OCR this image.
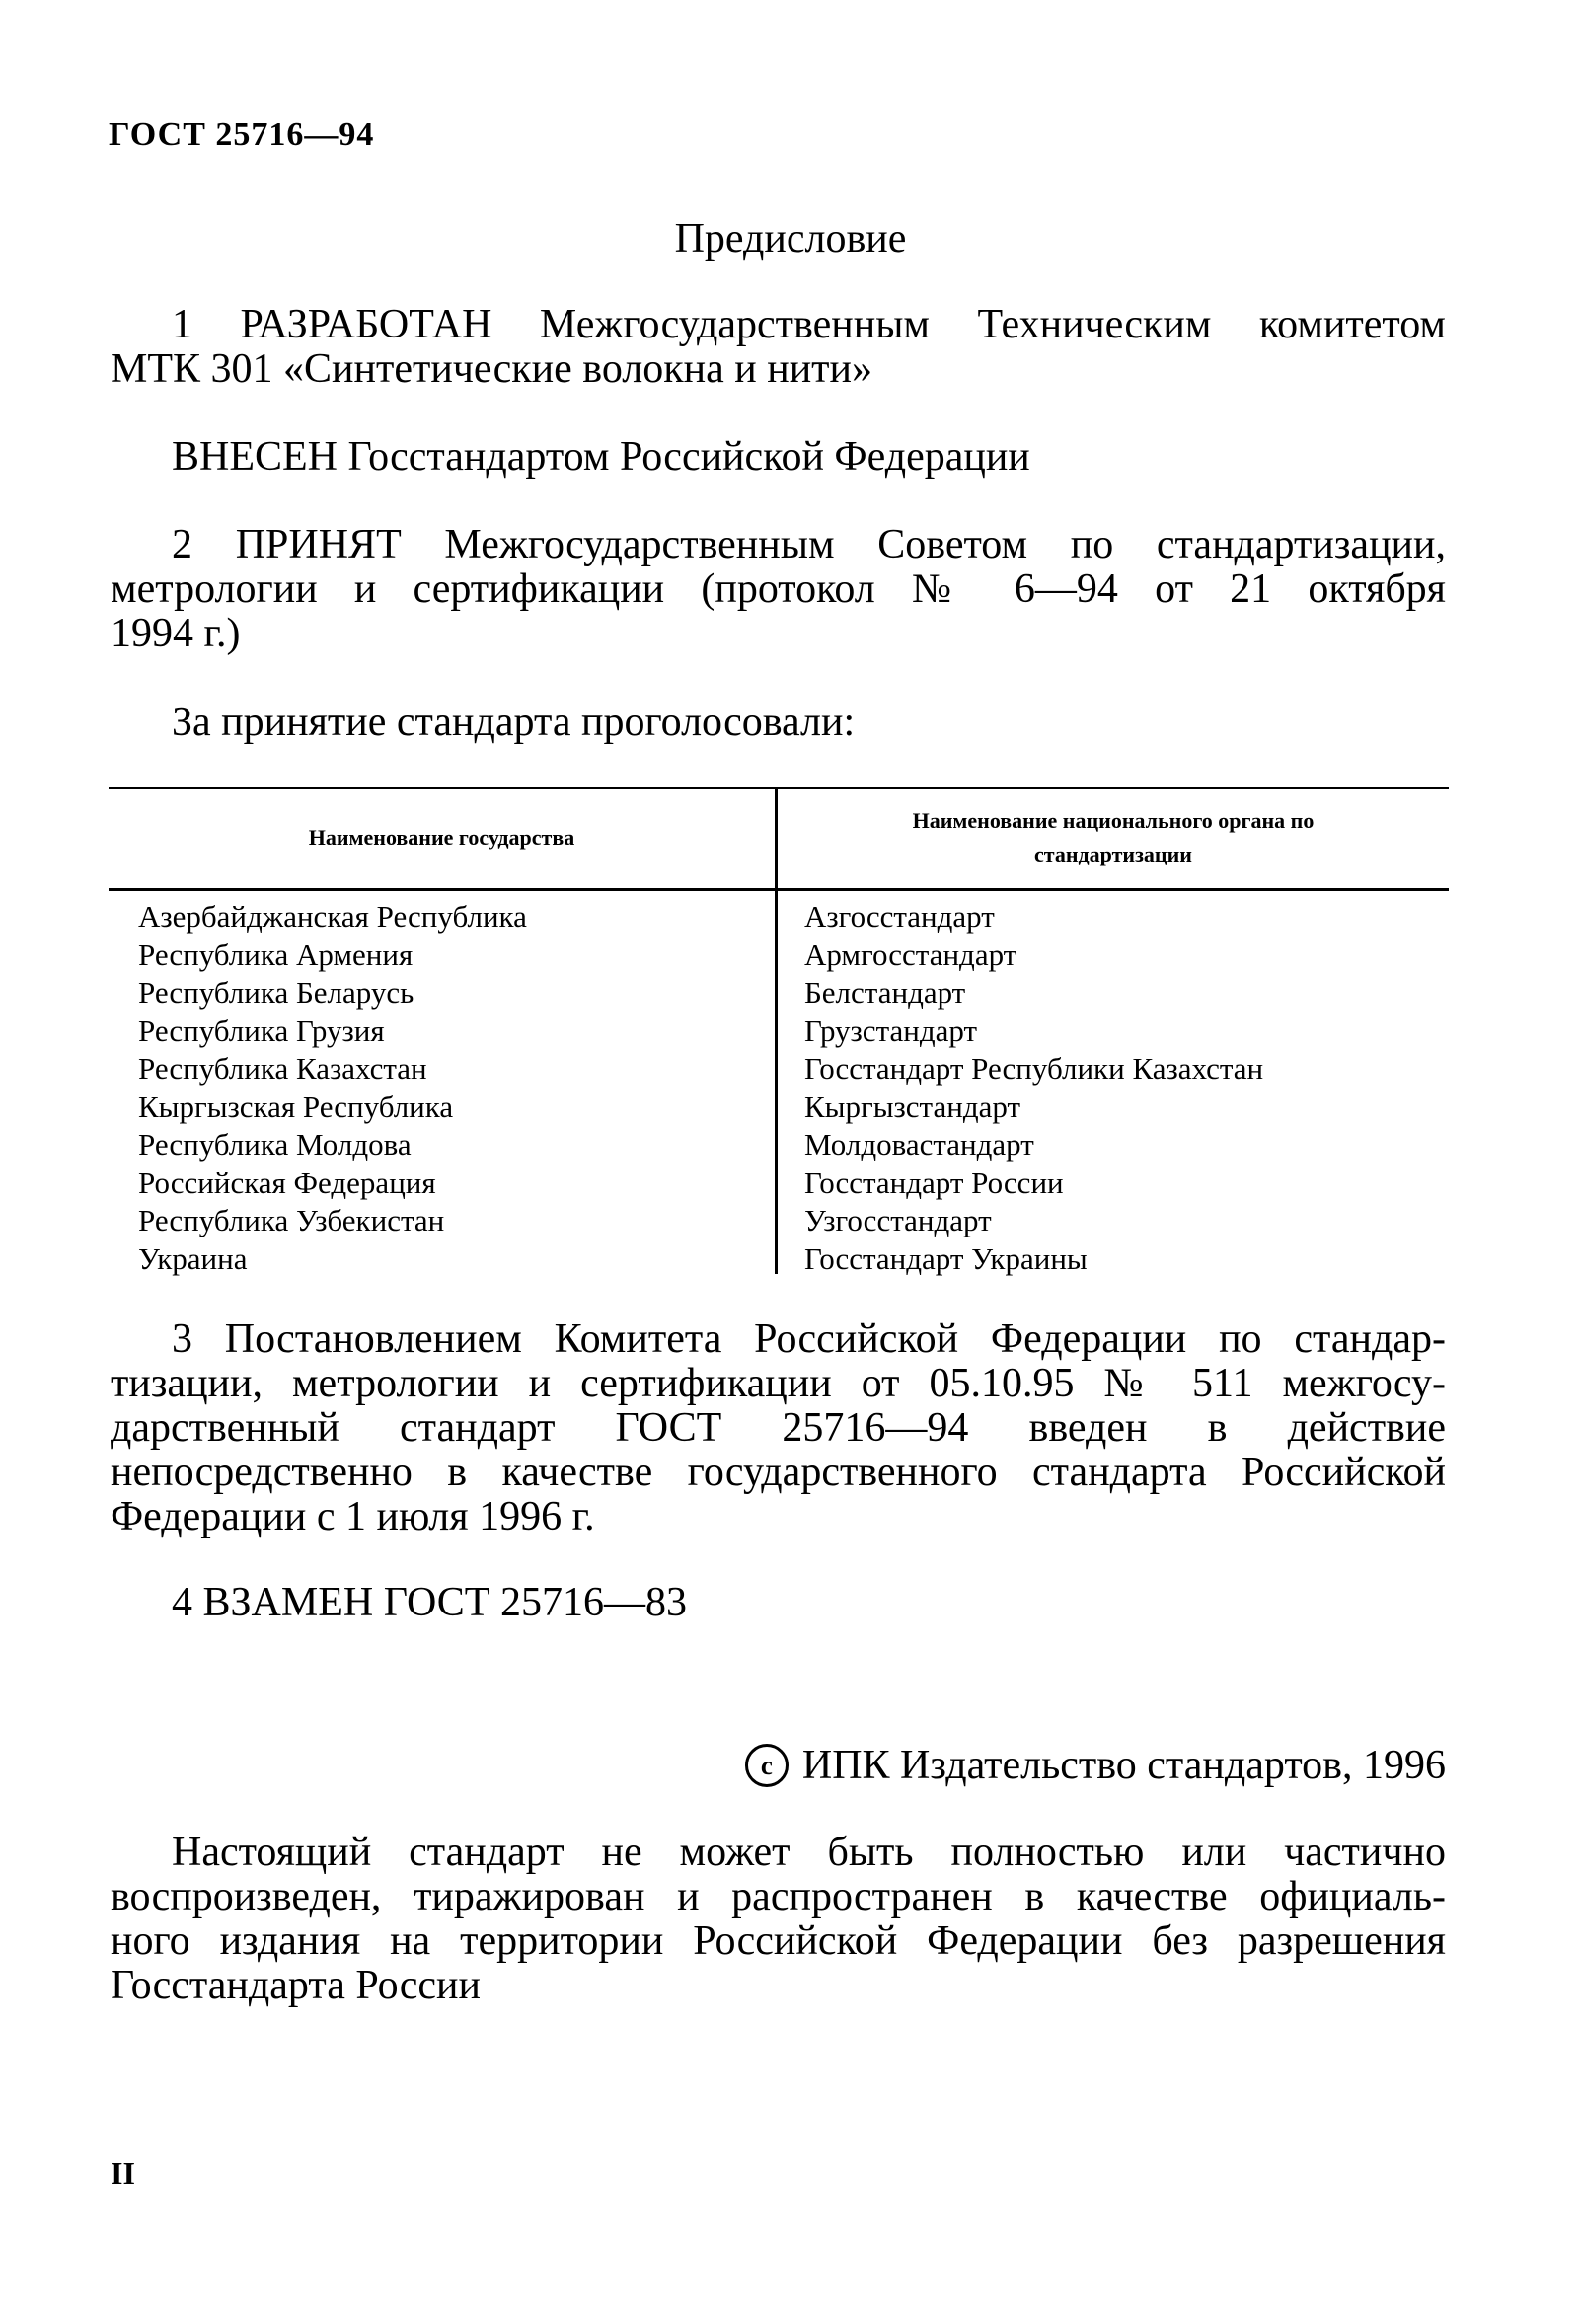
ГОСТ 25716—94
Предисловие
1 РАЗРАБОТАН Межгосударственным Техническим комитетом
МТК 301 «Синтетические волокна и нити»
ВНЕСЕН Госстандартом Российской Федерации
2 ПРИНЯТ Межгосударственным Советом по стандартизации,
метрологии и сертификации (протокол № 6—94 от 21 октября
1994 г.)
За принятие стандарта проголосовали:
Наименование государства
Наименование национального органа по
стандартизации
Азербайджанская Республика
Республика Армения
Республика Беларусь
Республика Грузия
Республика Казахстан
Кыргызская Республика
Республика Молдова
Российская Федерация
Республика Узбекистан
Украина
Азгосстандарт
Армгосстандарт
Белстандарт
Грузстандарт
Госстандарт Республики Казахстан
Кыргызстандарт
Молдовастандарт
Госстандарт России
Узгосстандарт
Госстандарт Украины
3 Постановлением Комитета Российской Федерации по стандар-
тизации, метрологии и сертификации от 05.10.95 № 511 межгосу-
дарственный стандарт ГОСТ 25716—94 введен в действие
непосредственно в качестве государственного стандарта Российской
Федерации с 1 июля 1996 г.
4 ВЗАМЕН ГОСТ 25716—83
c ИПК Издательство стандартов, 1996
Настоящий стандарт не может быть полностью или частично
воспроизведен, тиражирован и распространен в качестве официаль-
ного издания на территории Российской Федерации без разрешения
Госстандарта России
II
